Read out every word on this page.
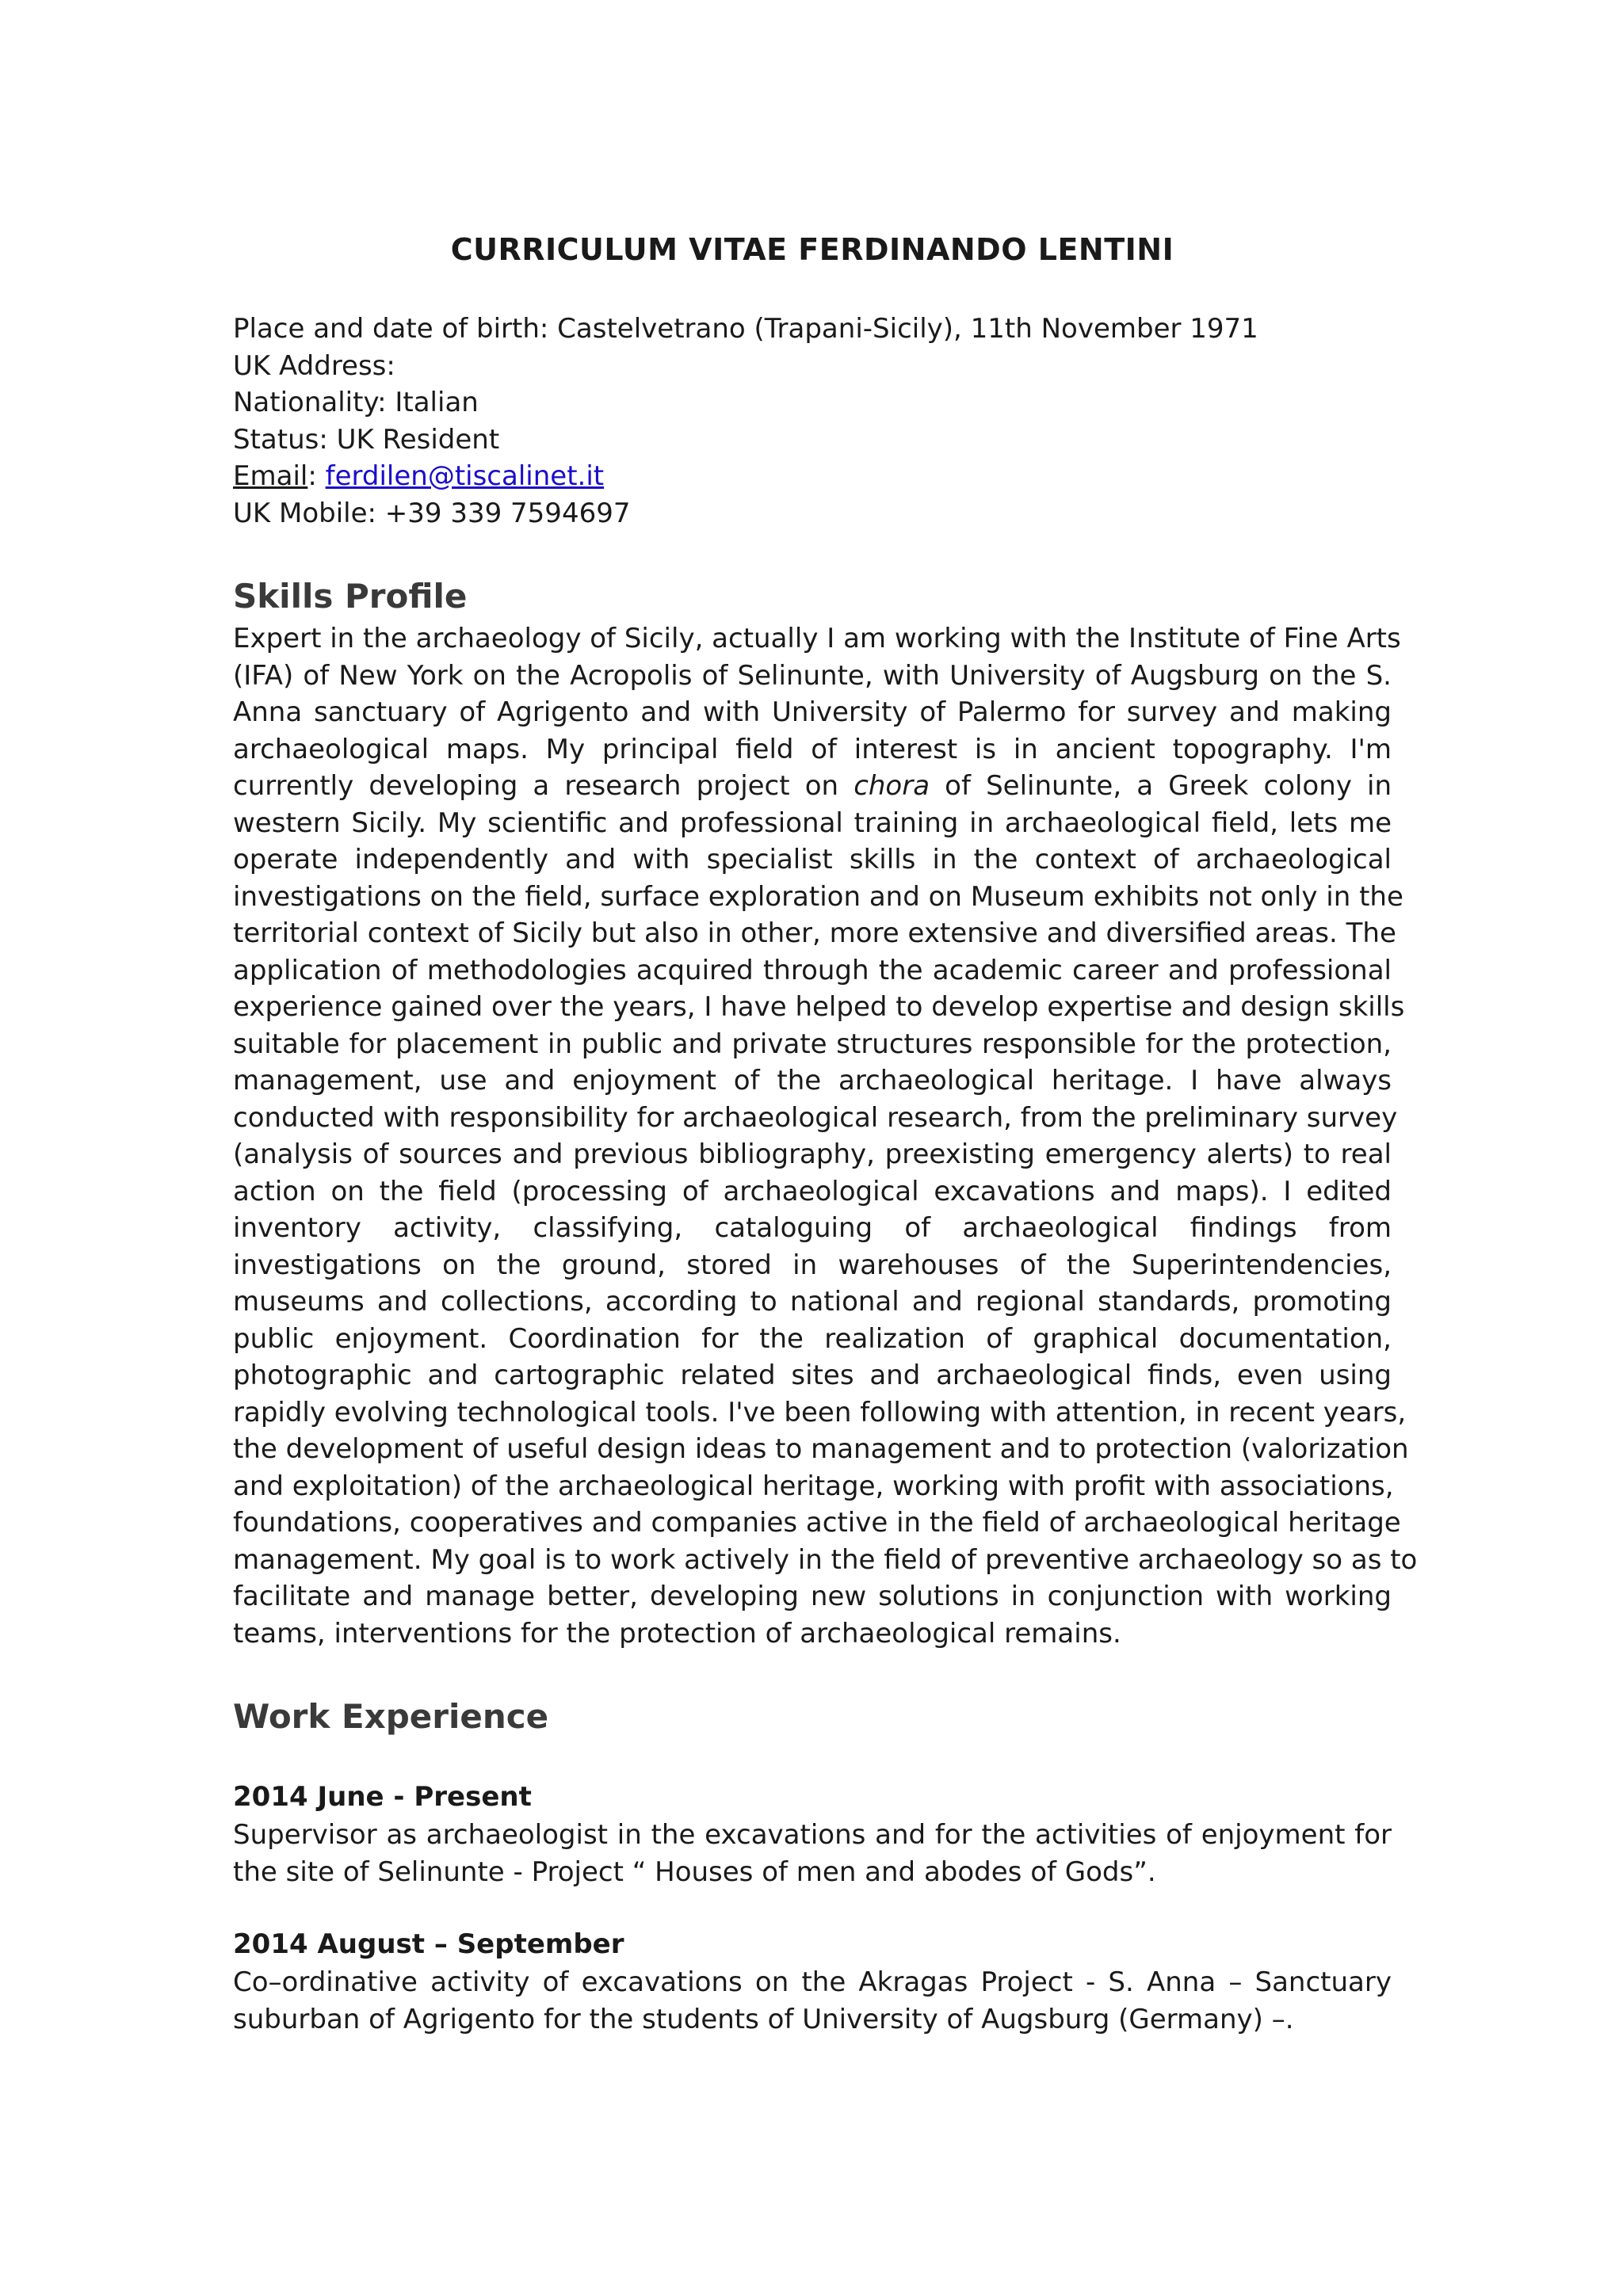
CURRICULUM VITAE FERDINANDO LENTINI
Place and date of birth: Castelvetrano (Trapani-Sicily), 11th November 1971
UK Address:
Nationality: Italian
Status: UK Resident
Email: ferdilen@tiscalinet.it
UK Mobile: +39 339 7594697
Skills Profile
Expert in the archaeology of Sicily, actually I am working with the Institute of Fine Arts
(IFA) of New York on the Acropolis of Selinunte, with University of Augsburg on the S.
Anna sanctuary of Agrigento and with University of Palermo for survey and making
archaeological maps. My principal field of interest is in ancient topography. I'm
currently developing a research project on chora of Selinunte, a Greek colony in
western Sicily. My scientific and professional training in archaeological field, lets me
operate independently and with specialist skills in the context of archaeological
investigations on the field, surface exploration and on Museum exhibits not only in the
territorial context of Sicily but also in other, more extensive and diversified areas. The
application of methodologies acquired through the academic career and professional
experience gained over the years, I have helped to develop expertise and design skills
suitable for placement in public and private structures responsible for the protection,
management, use and enjoyment of the archaeological heritage. I have always
conducted with responsibility for archaeological research, from the preliminary survey
(analysis of sources and previous bibliography, preexisting emergency alerts) to real
action on the field (processing of archaeological excavations and maps). I edited
inventory activity, classifying, cataloguing of archaeological findings from
investigations on the ground, stored in warehouses of the Superintendencies,
museums and collections, according to national and regional standards, promoting
public enjoyment. Coordination for the realization of graphical documentation,
photographic and cartographic related sites and archaeological finds, even using
rapidly evolving technological tools. I've been following with attention, in recent years,
the development of useful design ideas to management and to protection (valorization
and exploitation) of the archaeological heritage, working with profit with associations,
foundations, cooperatives and companies active in the field of archaeological heritage
management. My goal is to work actively in the field of preventive archaeology so as to
facilitate and manage better, developing new solutions in conjunction with working
teams, interventions for the protection of archaeological remains.
Work Experience
2014 June - Present
Supervisor as archaeologist in the excavations and for the activities of enjoyment for
the site of Selinunte - Project “ Houses of men and abodes of Gods”.
2014 August – September
Co–ordinative activity of excavations on the Akragas Project - S. Anna – Sanctuary
suburban of Agrigento for the students of University of Augsburg (Germany) –.
